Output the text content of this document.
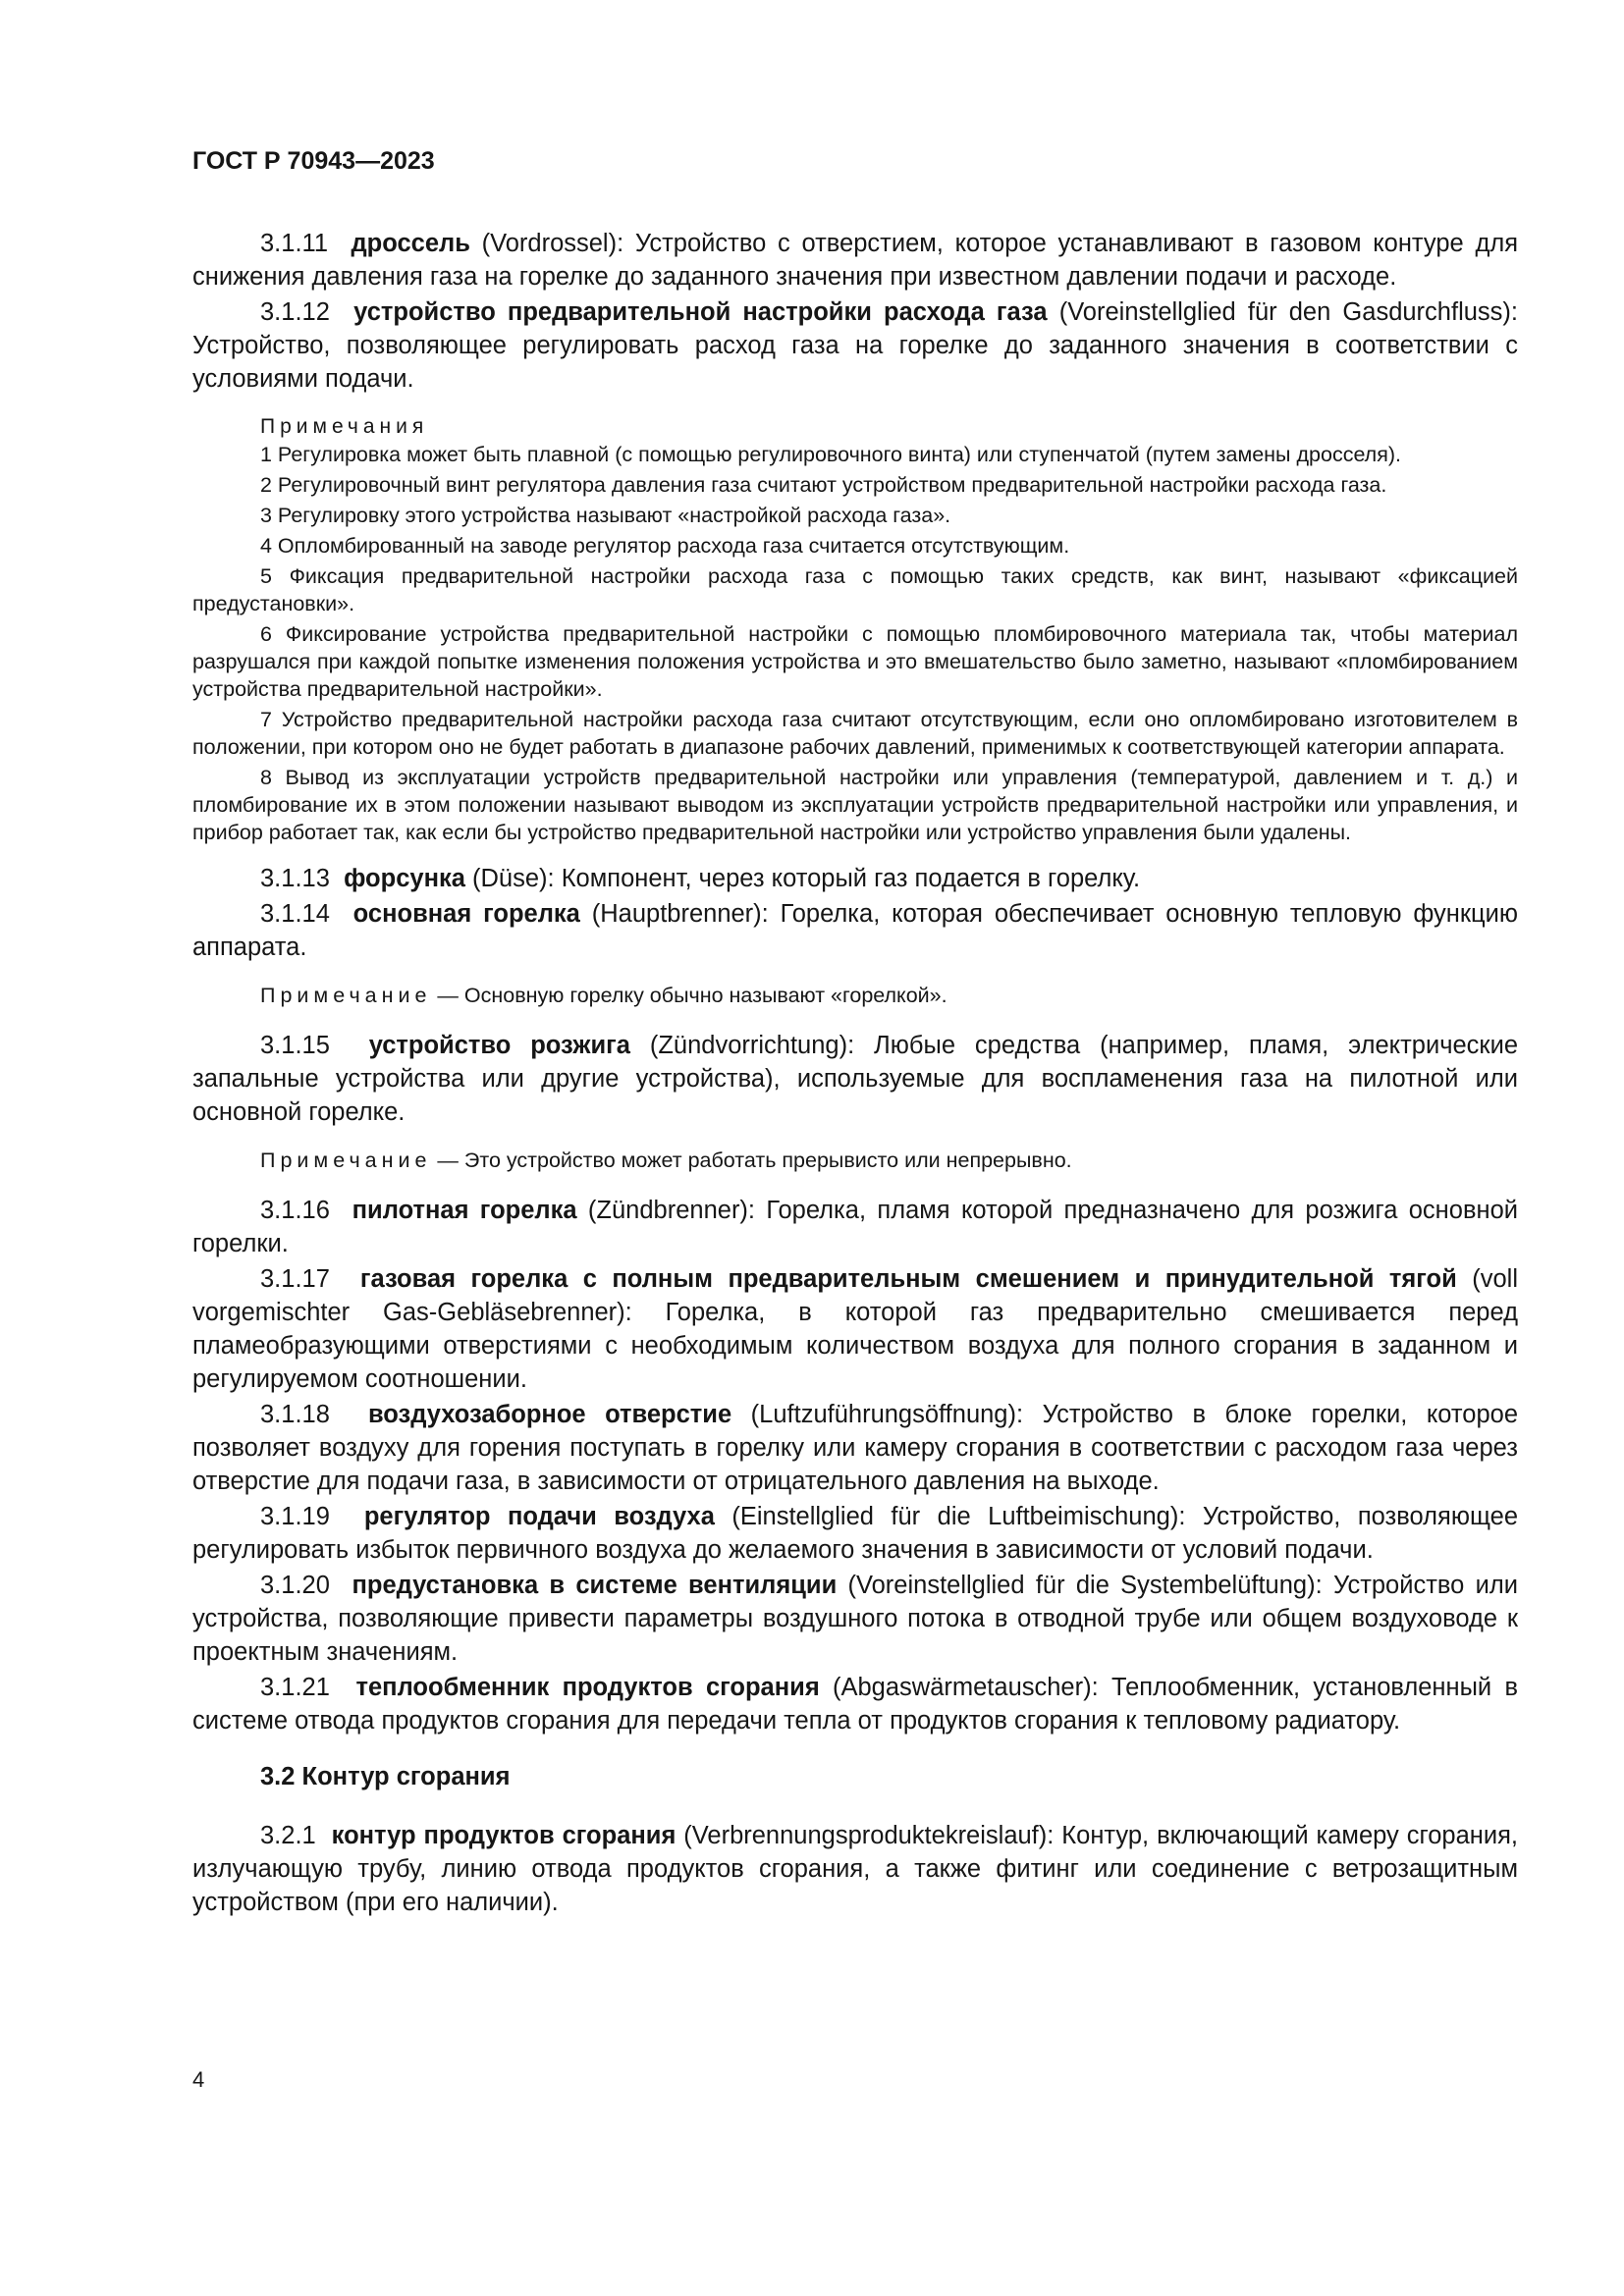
ГОСТ Р 70943—2023

3.1.11 дроссель (Vordrossel): Устройство с отверстием, которое устанавливают в газовом контуре для снижения давления газа на горелке до заданного значения при известном давлении подачи и расходе.

3.1.12 устройство предварительной настройки расхода газа (Voreinstellglied für den Gasdurchfluss): Устройство, позволяющее регулировать расход газа на горелке до заданного значения в соответствии с условиями подачи.

Примечания

1 Регулировка может быть плавной (с помощью регулировочного винта) или ступенчатой (путем замены дросселя).

2 Регулировочный винт регулятора давления газа считают устройством предварительной настройки расхода газа.

3 Регулировку этого устройства называют «настройкой расхода газа».

4 Опломбированный на заводе регулятор расхода газа считается отсутствующим.

5 Фиксация предварительной настройки расхода газа с помощью таких средств, как винт, называют «фиксацией предустановки».

6 Фиксирование устройства предварительной настройки с помощью пломбировочного материала так, чтобы материал разрушался при каждой попытке изменения положения устройства и это вмешательство было заметно, называют «пломбированием устройства предварительной настройки».

7 Устройство предварительной настройки расхода газа считают отсутствующим, если оно опломбировано изготовителем в положении, при котором оно не будет работать в диапазоне рабочих давлений, применимых к соответствующей категории аппарата.

8 Вывод из эксплуатации устройств предварительной настройки или управления (температурой, давлением и т. д.) и пломбирование их в этом положении называют выводом из эксплуатации устройств предварительной настройки или управления, и прибор работает так, как если бы устройство предварительной настройки или устройство управления были удалены.

3.1.13 форсунка (Düse): Компонент, через который газ подается в горелку.

3.1.14 основная горелка (Hauptbrenner): Горелка, которая обеспечивает основную тепловую функцию аппарата.

Примечание — Основную горелку обычно называют «горелкой».

3.1.15 устройство розжига (Zündvorrichtung): Любые средства (например, пламя, электрические запальные устройства или другие устройства), используемые для воспламенения газа на пилотной или основной горелке.

Примечание — Это устройство может работать прерывисто или непрерывно.

3.1.16 пилотная горелка (Zündbrenner): Горелка, пламя которой предназначено для розжига основной горелки.

3.1.17 газовая горелка с полным предварительным смешением и принудительной тягой (voll vorgemischter Gas-Gebläsebrenner): Горелка, в которой газ предварительно смешивается перед пламеобразующими отверстиями с необходимым количеством воздуха для полного сгорания в заданном и регулируемом соотношении.

3.1.18 воздухозаборное отверстие (Luftzuführungsöffnung): Устройство в блоке горелки, которое позволяет воздуху для горения поступать в горелку или камеру сгорания в соответствии с расходом газа через отверстие для подачи газа, в зависимости от отрицательного давления на выходе.

3.1.19 регулятор подачи воздуха (Einstellglied für die Luftbeimischung): Устройство, позволяющее регулировать избыток первичного воздуха до желаемого значения в зависимости от условий подачи.

3.1.20 предустановка в системе вентиляции (Voreinstellglied für die Systembelüftung): Устройство или устройства, позволяющие привести параметры воздушного потока в отводной трубе или общем воздуховоде к проектным значениям.

3.1.21 теплообменник продуктов сгорания (Abgaswärmetauscher): Теплообменник, установленный в системе отвода продуктов сгорания для передачи тепла от продуктов сгорания к тепловому радиатору.

3.2 Контур сгорания

3.2.1 контур продуктов сгорания (Verbrennungsproduktekreislauf): Контур, включающий камеру сгорания, излучающую трубу, линию отвода продуктов сгорания, а также фитинг или соединение с ветрозащитным устройством (при его наличии).

4
